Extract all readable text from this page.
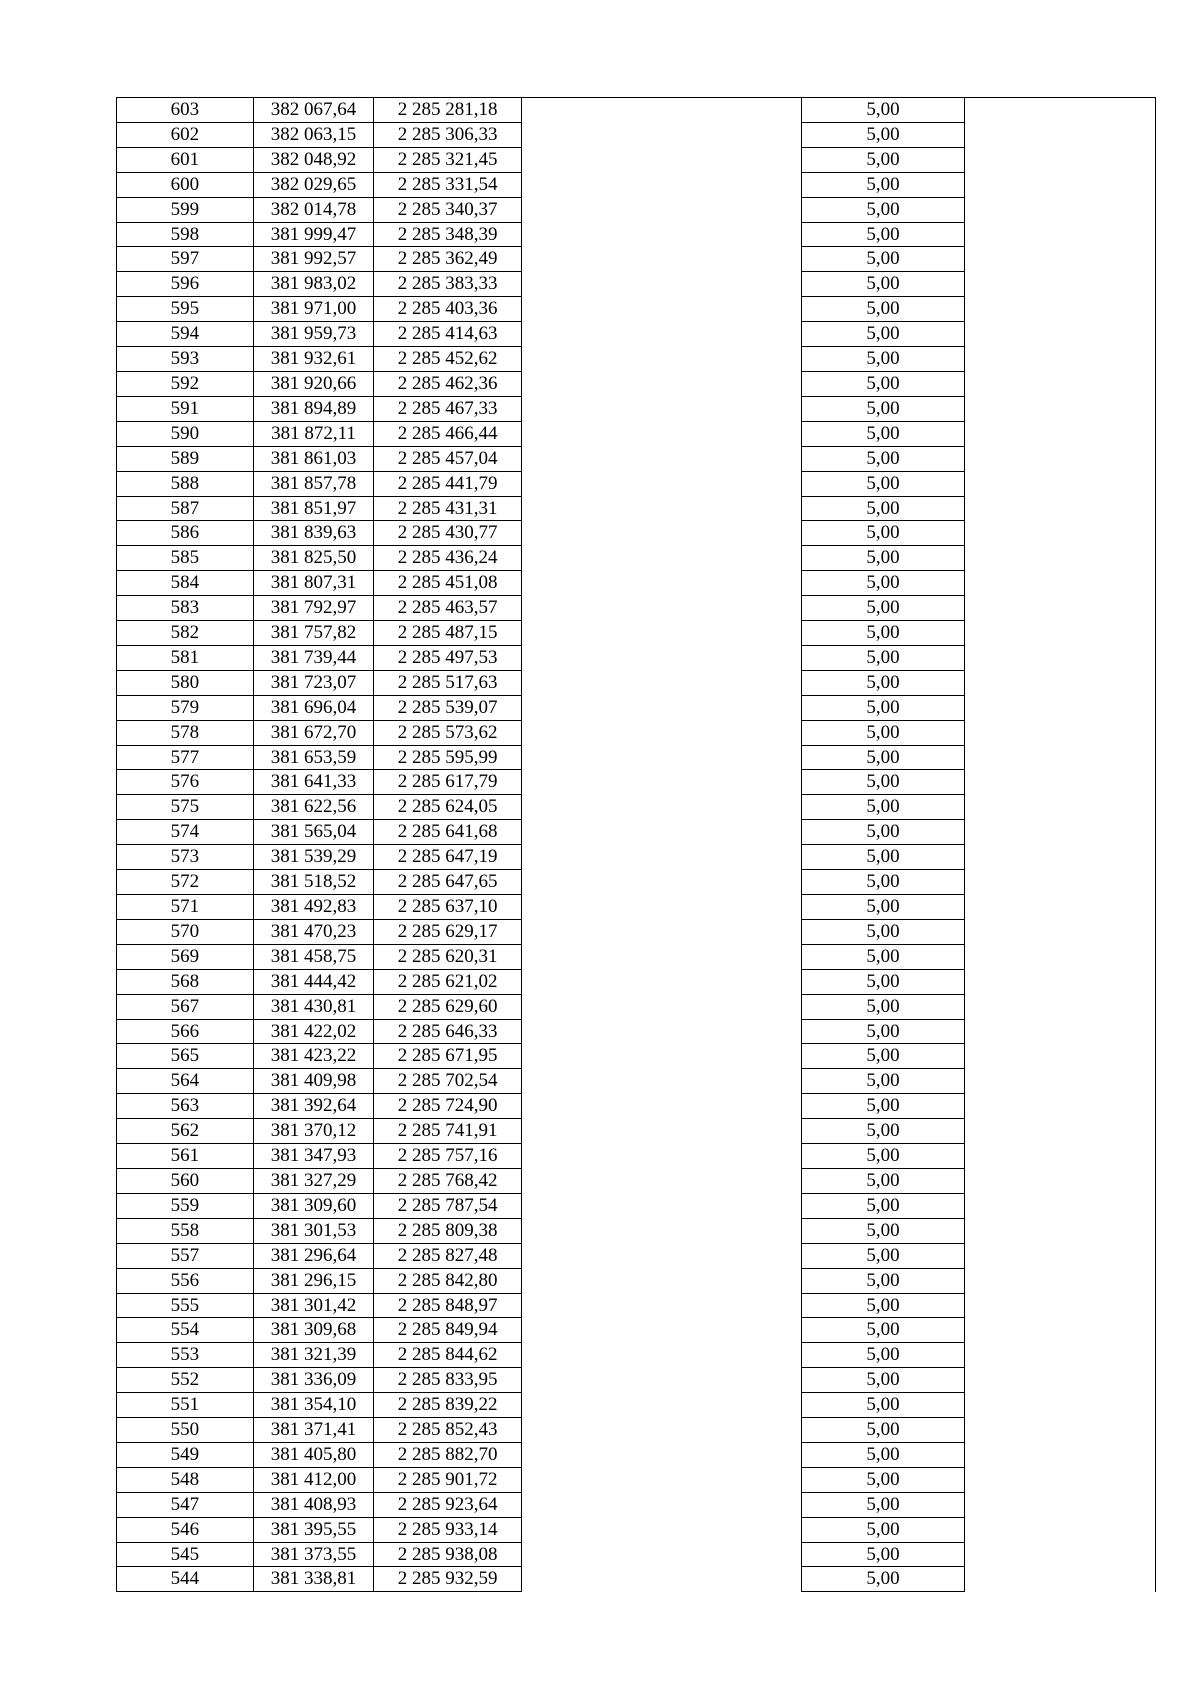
603	382 067,64	2 285 281,18		5,00	
602	382 063,15	2 285 306,33		5,00	
601	382 048,92	2 285 321,45		5,00	
600	382 029,65	2 285 331,54		5,00	
599	382 014,78	2 285 340,37		5,00	
598	381 999,47	2 285 348,39		5,00	
597	381 992,57	2 285 362,49		5,00	
596	381 983,02	2 285 383,33		5,00	
595	381 971,00	2 285 403,36		5,00	
594	381 959,73	2 285 414,63		5,00	
593	381 932,61	2 285 452,62		5,00	
592	381 920,66	2 285 462,36		5,00	
591	381 894,89	2 285 467,33		5,00	
590	381 872,11	2 285 466,44		5,00	
589	381 861,03	2 285 457,04		5,00	
588	381 857,78	2 285 441,79		5,00	
587	381 851,97	2 285 431,31		5,00	
586	381 839,63	2 285 430,77		5,00	
585	381 825,50	2 285 436,24		5,00	
584	381 807,31	2 285 451,08		5,00	
583	381 792,97	2 285 463,57		5,00	
582	381 757,82	2 285 487,15		5,00	
581	381 739,44	2 285 497,53		5,00	
580	381 723,07	2 285 517,63		5,00	
579	381 696,04	2 285 539,07		5,00	
578	381 672,70	2 285 573,62		5,00	
577	381 653,59	2 285 595,99		5,00	
576	381 641,33	2 285 617,79		5,00	
575	381 622,56	2 285 624,05		5,00	
574	381 565,04	2 285 641,68		5,00	
573	381 539,29	2 285 647,19		5,00	
572	381 518,52	2 285 647,65		5,00	
571	381 492,83	2 285 637,10		5,00	
570	381 470,23	2 285 629,17		5,00	
569	381 458,75	2 285 620,31		5,00	
568	381 444,42	2 285 621,02		5,00	
567	381 430,81	2 285 629,60		5,00	
566	381 422,02	2 285 646,33		5,00	
565	381 423,22	2 285 671,95		5,00	
564	381 409,98	2 285 702,54		5,00	
563	381 392,64	2 285 724,90		5,00	
562	381 370,12	2 285 741,91		5,00	
561	381 347,93	2 285 757,16		5,00	
560	381 327,29	2 285 768,42		5,00	
559	381 309,60	2 285 787,54		5,00	
558	381 301,53	2 285 809,38		5,00	
557	381 296,64	2 285 827,48		5,00	
556	381 296,15	2 285 842,80		5,00	
555	381 301,42	2 285 848,97		5,00	
554	381 309,68	2 285 849,94		5,00	
553	381 321,39	2 285 844,62		5,00	
552	381 336,09	2 285 833,95		5,00	
551	381 354,10	2 285 839,22		5,00	
550	381 371,41	2 285 852,43		5,00	
549	381 405,80	2 285 882,70		5,00	
548	381 412,00	2 285 901,72		5,00	
547	381 408,93	2 285 923,64		5,00	
546	381 395,55	2 285 933,14		5,00	
545	381 373,55	2 285 938,08		5,00	
544	381 338,81	2 285 932,59		5,00	
